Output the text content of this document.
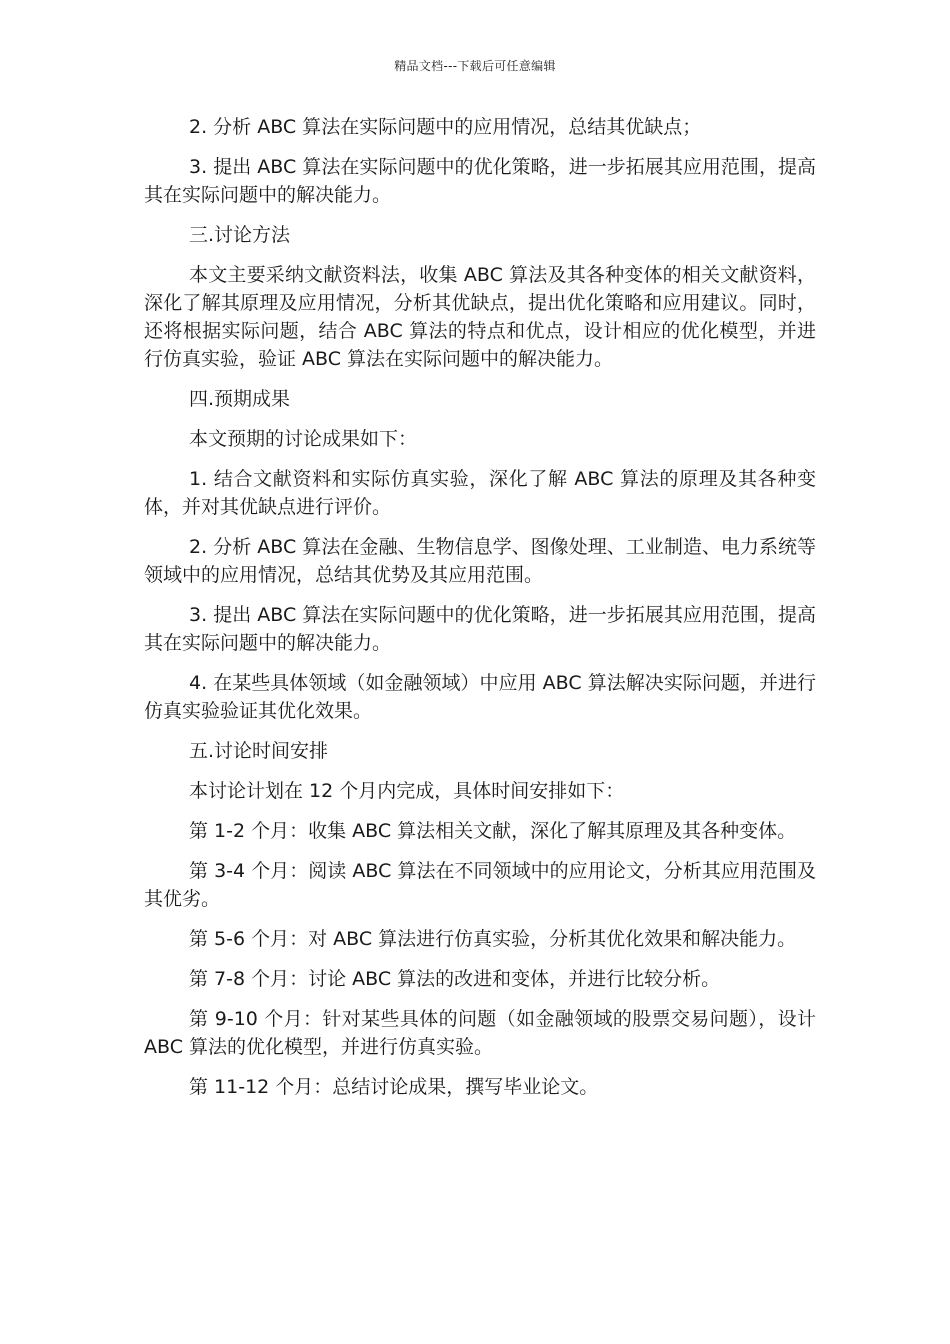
精品文档---下载后可任意编辑

2. 分析 ABC 算法在实际问题中的应用情况，总结其优缺点；

3. 提出 ABC 算法在实际问题中的优化策略，进一步拓展其应用范围，提高其在实际问题中的解决能力。

三.讨论方法

本文主要采纳文献资料法，收集 ABC 算法及其各种变体的相关文献资料，深化了解其原理及应用情况，分析其优缺点，提出优化策略和应用建议。同时，还将根据实际问题，结合 ABC 算法的特点和优点，设计相应的优化模型，并进行仿真实验，验证 ABC 算法在实际问题中的解决能力。

四.预期成果

本文预期的讨论成果如下：

1. 结合文献资料和实际仿真实验，深化了解 ABC 算法的原理及其各种变体，并对其优缺点进行评价。

2. 分析 ABC 算法在金融、生物信息学、图像处理、工业制造、电力系统等领域中的应用情况，总结其优势及其应用范围。

3. 提出 ABC 算法在实际问题中的优化策略，进一步拓展其应用范围，提高其在实际问题中的解决能力。

4. 在某些具体领域（如金融领域）中应用 ABC 算法解决实际问题，并进行仿真实验验证其优化效果。

五.讨论时间安排

本讨论计划在 12 个月内完成，具体时间安排如下：

第 1-2 个月：收集 ABC 算法相关文献，深化了解其原理及其各种变体。

第 3-4 个月：阅读 ABC 算法在不同领域中的应用论文，分析其应用范围及其优劣。

第 5-6 个月：对 ABC 算法进行仿真实验，分析其优化效果和解决能力。

第 7-8 个月：讨论 ABC 算法的改进和变体，并进行比较分析。

第 9-10 个月：针对某些具体的问题（如金融领域的股票交易问题），设计 ABC 算法的优化模型，并进行仿真实验。

第 11-12 个月：总结讨论成果，撰写毕业论文。
